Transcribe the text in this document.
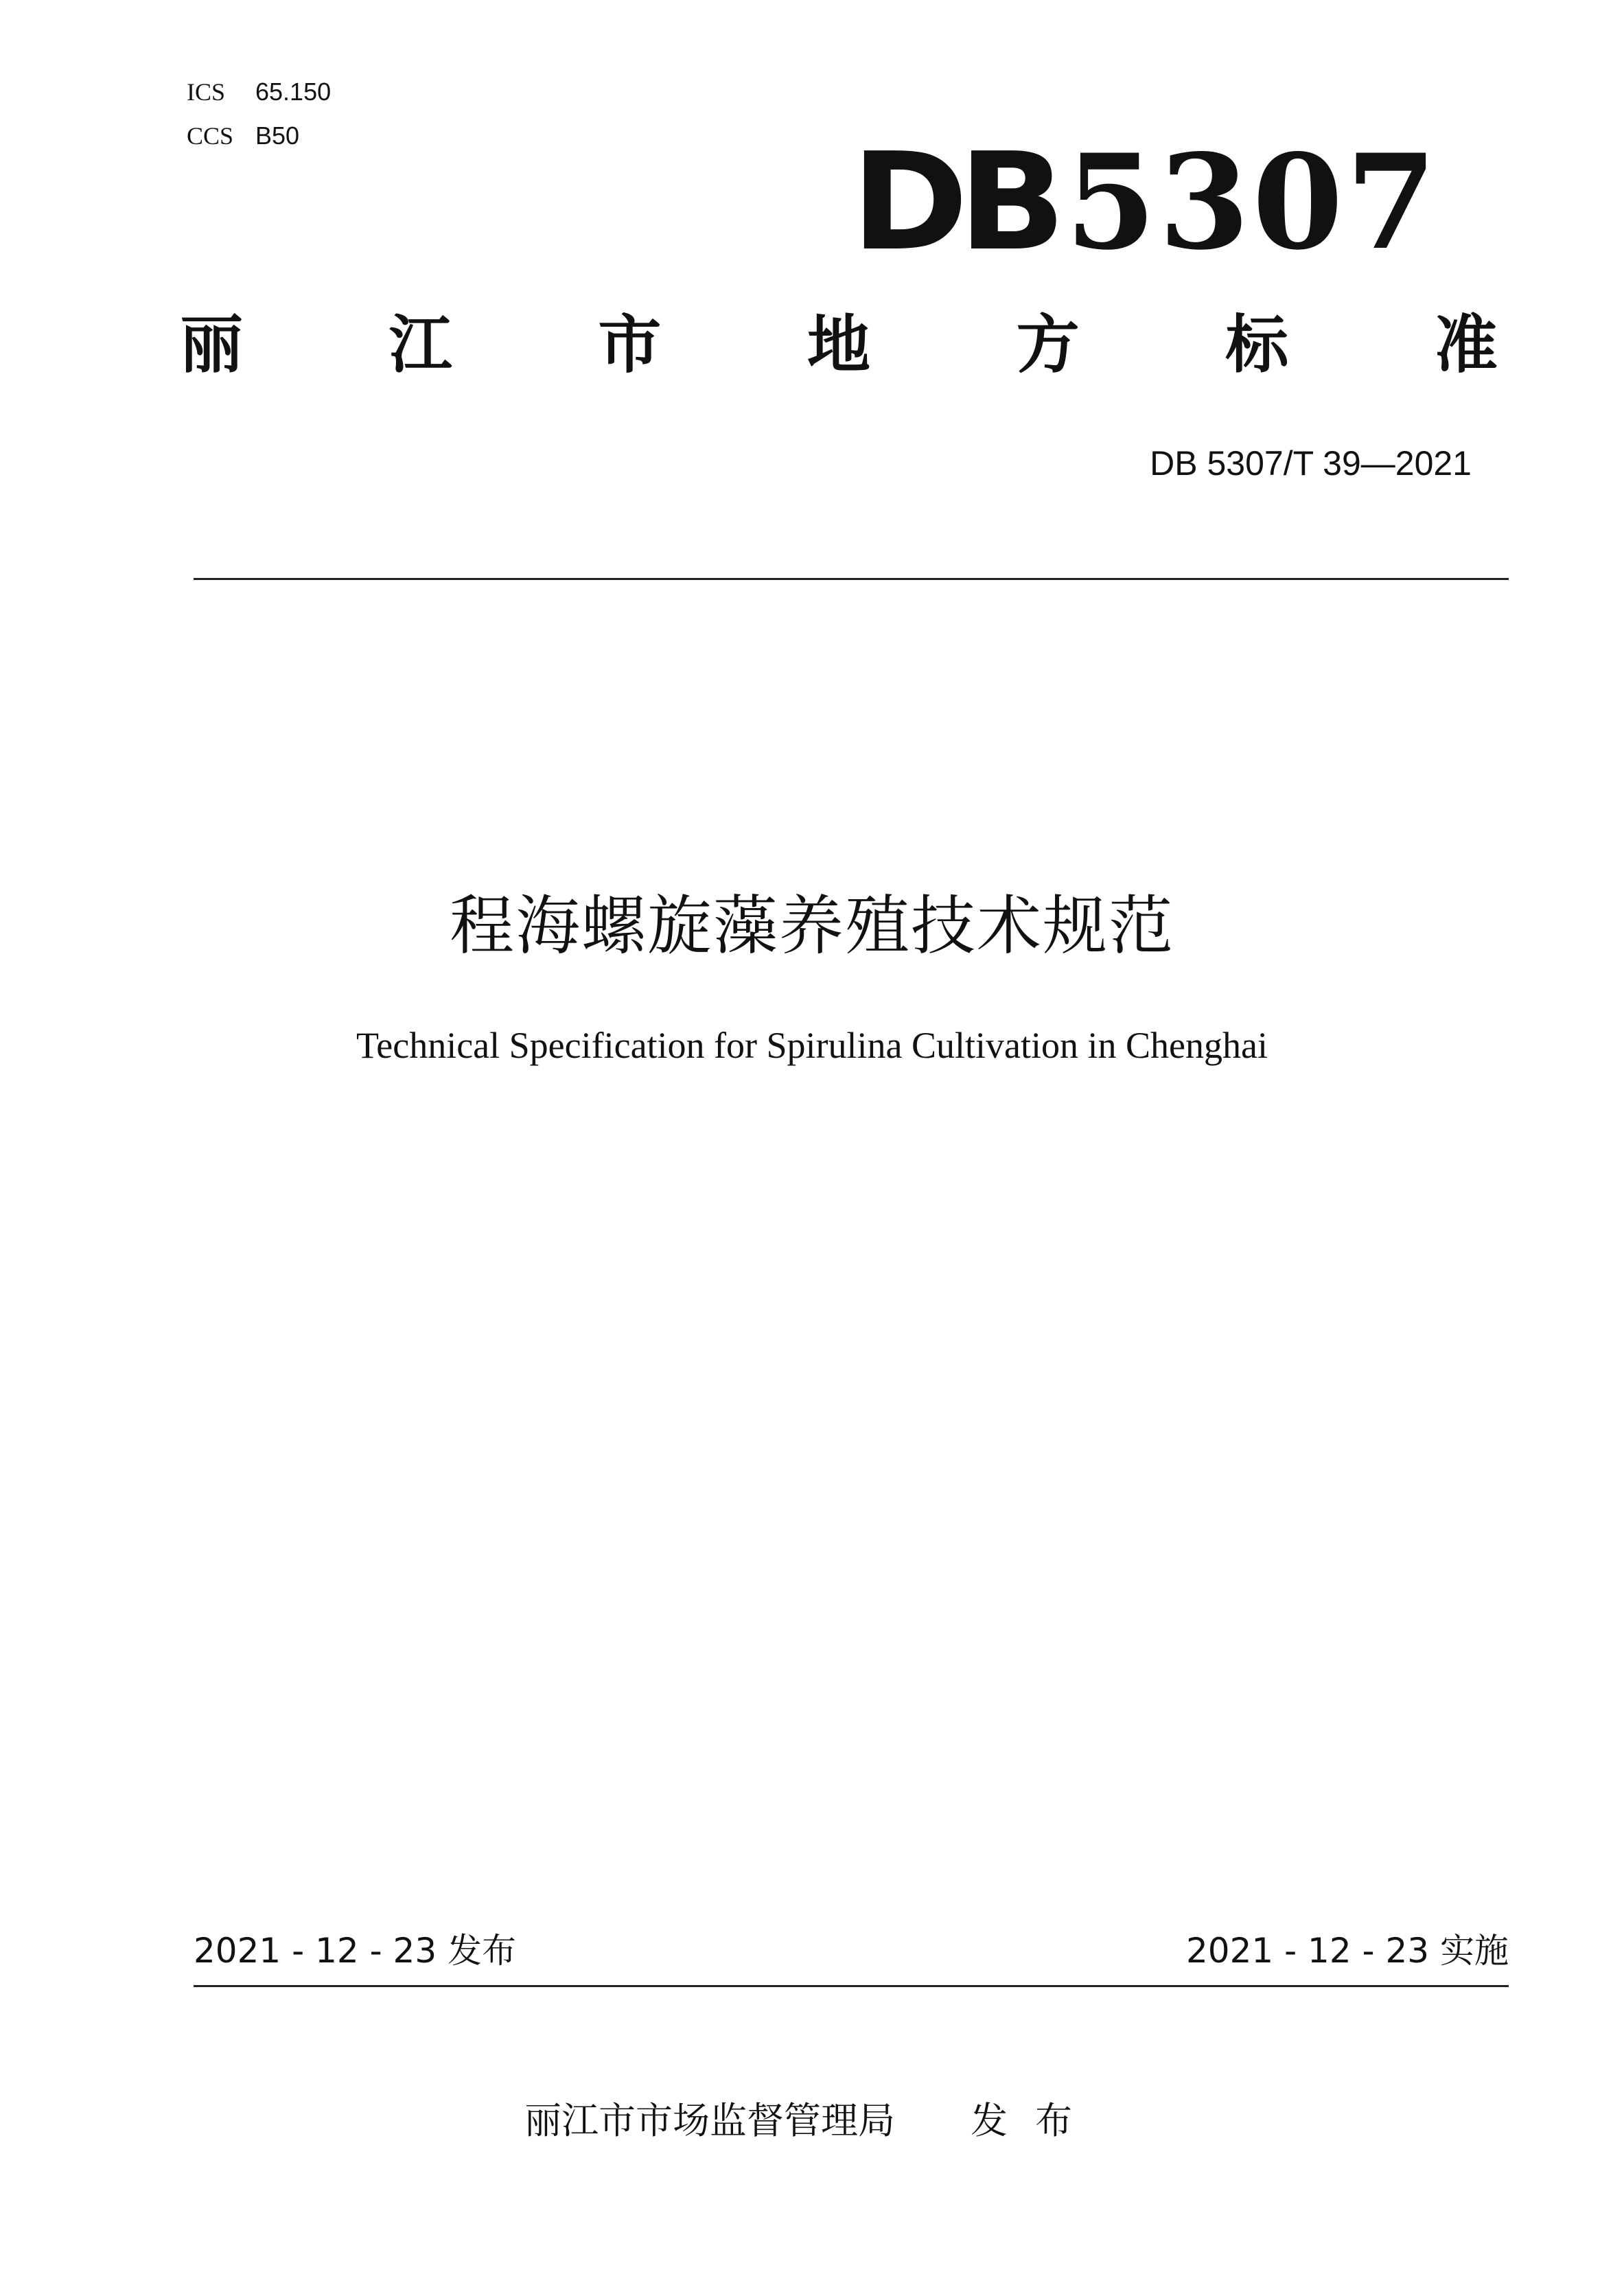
ICS 65.150
CCS B50	DB5307
丽 江 市 地 方 标 准
DB 5307/T 39—2021
程海螺旋藻养殖技术规范
Technical Specification for Spirulina Cultivation in Chenghai
2021 - 12 - 23 发布	2021 - 12 - 23 实施
丽江市市场监督管理局 发布
